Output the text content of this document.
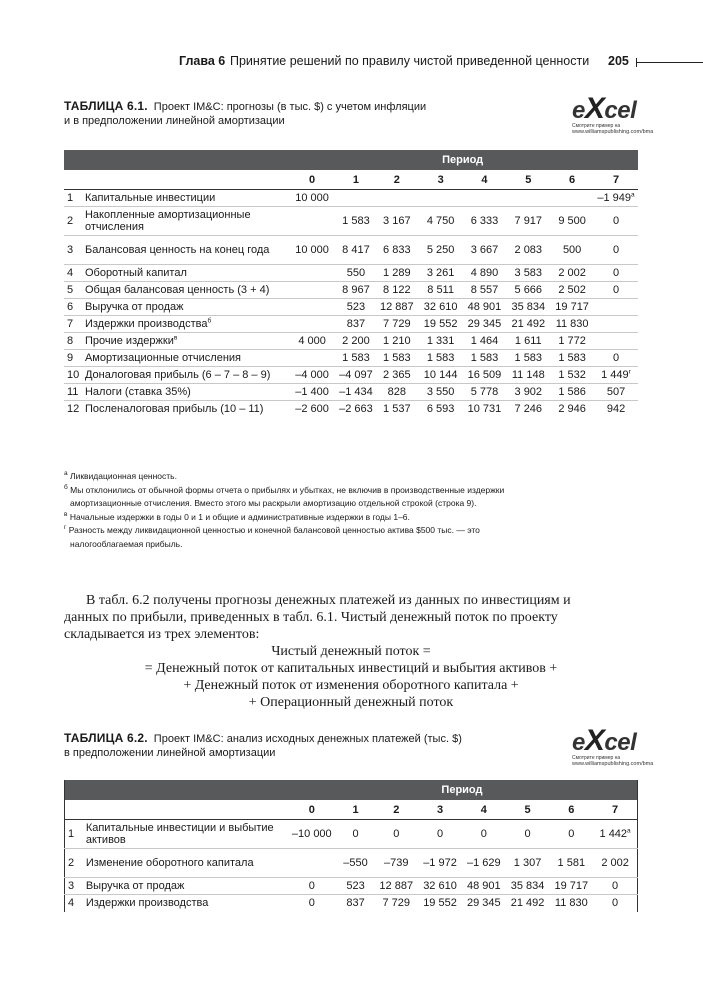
Глава 6 Принятие решений по правилу чистой приведенной ценности 205
ТАБЛИЦА 6.1. Проект IM&C: прогнозы (в тыс. $) с учетом инфляции
и в предположении линейной амортизации	eXcel
Смотрите пример на
www.williamspublishing.com/bma
		Период							
		0	1	2	3	4	5	6	7
1	Капитальные инвестиции	10 000							–1 $949^а$
2	Накопленные амортизационные отчисления		1 583	3 167	4 750	6 333	7 917	9 500	0
3	Балансовая ценность на конец года	10 000	8 417	6 833	5 250	3 667	2 083	500	0
4	Оборотный капитал		550	1 289	3 261	4 890	3 583	2 002	0
5	Общая балансовая ценность (3 + 4)		8 967	8 122	8 511	8 557	5 666	2 502	0
6	Выручка от продаж		523	12 887	32 610	48 901	35 834	19 717	
7	Издержки производства$^б$		837	7 729	19 552	29 345	21 492	11 830	
8	Прочие издержки$^в$	4 000	2 200	1 210	1 331	1 464	1 611	1 772	
9	Амортизационные отчисления		1 583	1 583	1 583	1 583	1 583	1 583	0
10	Доналоговая прибыль (6 – 7 – 8 – 9)	–4 000	–4 097	2 365	10 144	16 509	11 148	1 532	1 $449^г$
11	Налоги (ставка 35%)	–1 400	–1 434	828	3 550	5 778	3 902	1 586	507
12	Посленалоговая прибыль (10 – 11)	–2 600	–2 663	1 537	6 593	10 731	7 246	2 946	942

$^а$ Ликвидационная ценность.

$^б$ Мы отклонились от обычной формы отчета о прибылях и убытках, не включив в производственные издержки

амортизационные отчисления. Вместо этого мы раскрыли амортизацию отдельной строкой (строка 9).

$^в$ Начальные издержки в годы 0 и 1 и общие и административные издержки в годы 1–6.

$^г$ Разность между ликвидационной ценностью и конечной балансовой ценностью актива $500 тыс. — это

налогооблагаемая прибыль.

В табл. 6.2 получены прогнозы денежных платежей из данных по инвестициям и
данных по прибыли, приведенных в табл. 6.1. Чистый денежный поток по проекту
складывается из трех элементов:
Чистый денежный поток =
= Денежный поток от капитальных инвестиций и выбытия активов +
+ Денежный поток от изменения оборотного капитала +
+ Операционный денежный поток
ТАБЛИЦА 6.2. Проект IM&C: анализ исходных денежных платежей (тыс. $)
в предположении линейной амортизации	eXcel
Смотрите пример на
www.williamspublishing.com/bma
		Период							
		0	1	2	3	4	5	6	7
1	Капитальные инвестиции и выбытие активов	–10 000	0	0	0	0	0	0	1 $442^а$
2	Изменение оборотного капитала		–550	–739	–1 972	–1 629	1 307	1 581	2 002
3	Выручка от продаж	0	523	12 887	32 610	48 901	35 834	19 717	0
4	Издержки производства	0	837	7 729	19 552	29 345	21 492	11 830	0
